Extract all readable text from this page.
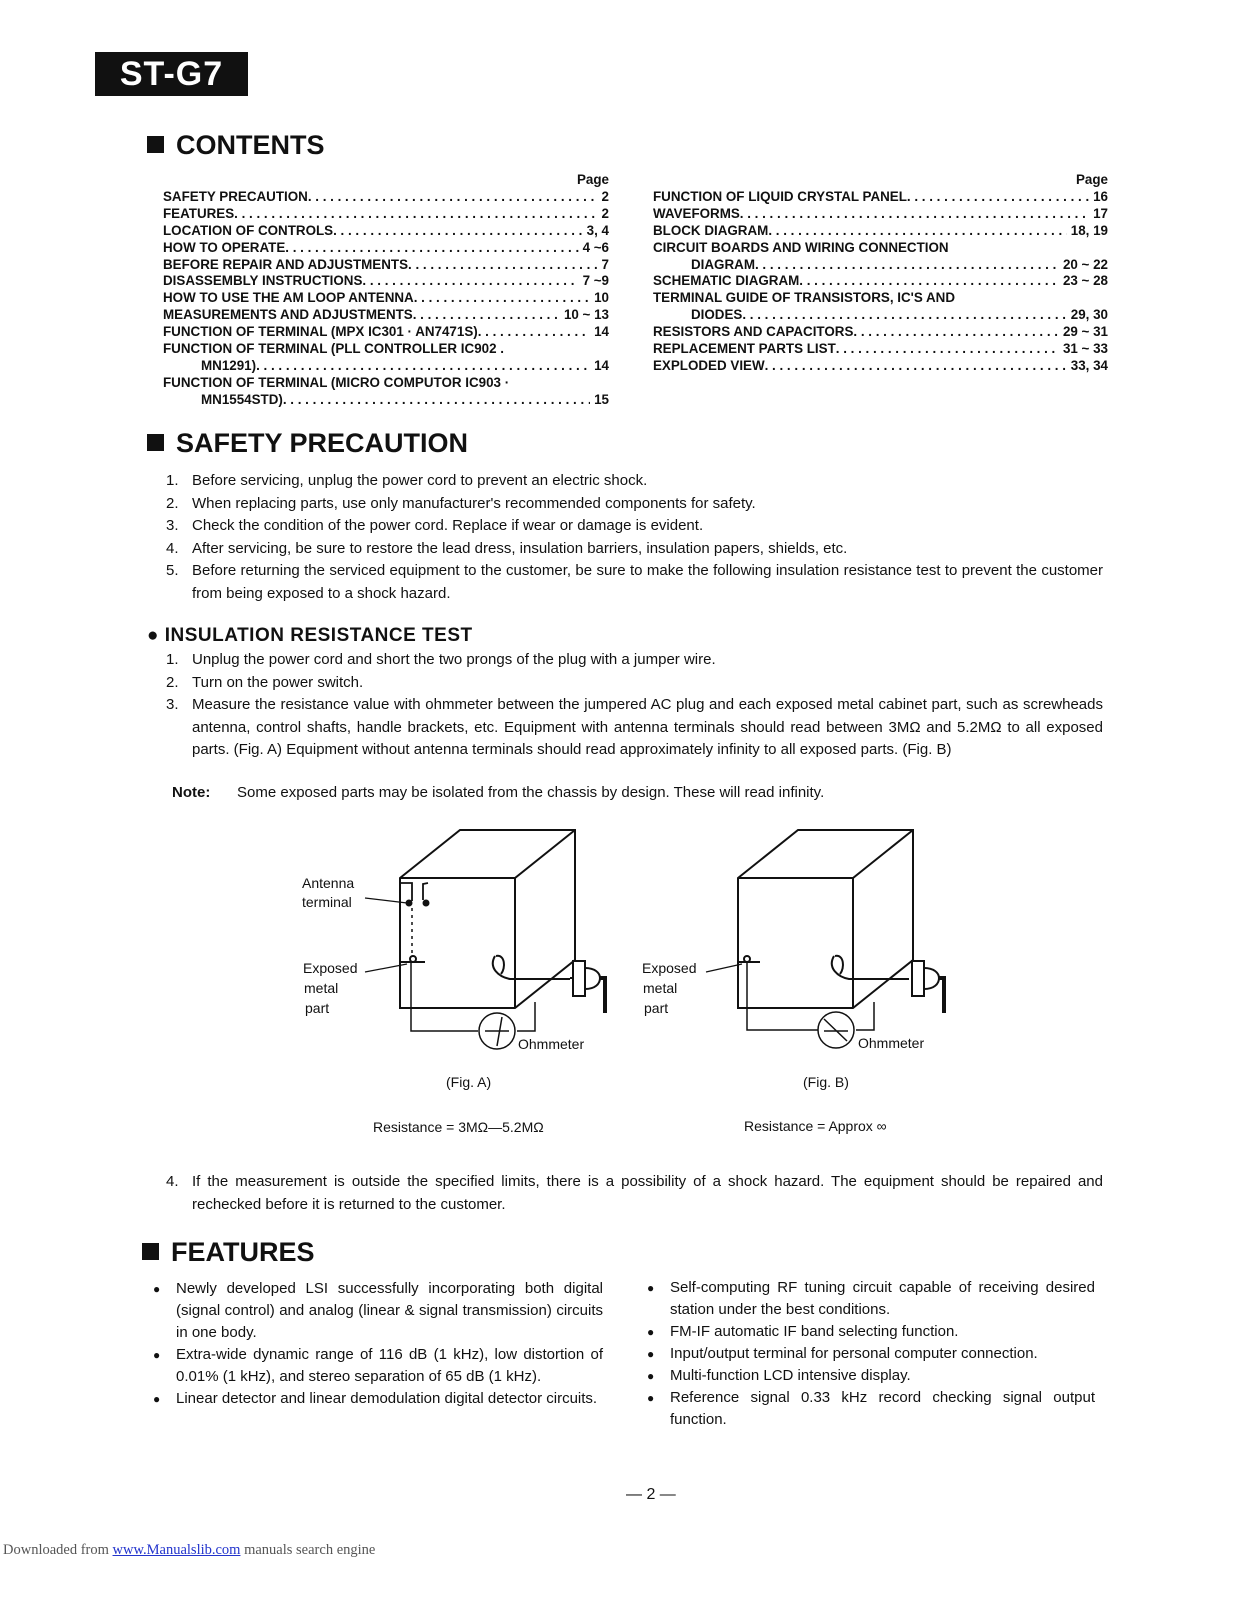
ST-G7
CONTENTS
Page
SAFETY PRECAUTION . . .	2
FEATURES . . .	2
LOCATION OF CONTROLS . . .	3, 4
HOW TO OPERATE . . .	4 ~6
BEFORE REPAIR AND ADJUSTMENTS . . .	7
DISASSEMBLY INSTRUCTIONS . . .	7 ~9
HOW TO USE THE AM LOOP ANTENNA . . .	10
MEASUREMENTS AND ADJUSTMENTS . . .	10 ~ 13
FUNCTION OF TERMINAL (MPX IC301 · AN7471S) . . .	14
FUNCTION OF TERMINAL (PLL CONTROLLER IC902 .
MN1291) . . .	14
FUNCTION OF TERMINAL (MICRO COMPUTOR IC903 ·
MN1554STD) . . .	15
Page
FUNCTION OF LIQUID CRYSTAL PANEL . . .	16
WAVEFORMS . . .	17
BLOCK DIAGRAM . . .	18, 19
CIRCUIT BOARDS AND WIRING CONNECTION
DIAGRAM . . .	20 ~ 22
SCHEMATIC DIAGRAM . . .	23 ~ 28
TERMINAL GUIDE OF TRANSISTORS, IC'S AND
DIODES . . .	29, 30
RESISTORS AND CAPACITORS . . .	29 ~ 31
REPLACEMENT PARTS LIST . . .	31 ~ 33
EXPLODED VIEW . . .	33, 34
SAFETY PRECAUTION
1. Before servicing, unplug the power cord to prevent an electric shock.
2. When replacing parts, use only manufacturer's recommended components for safety.
3. Check the condition of the power cord. Replace if wear or damage is evident.
4. After servicing, be sure to restore the lead dress, insulation barriers, insulation papers, shields, etc.
5. Before returning the serviced equipment to the customer, be sure to make the following insulation resistance test to prevent the customer from being exposed to a shock hazard.
● INSULATION RESISTANCE TEST
1. Unplug the power cord and short the two prongs of the plug with a jumper wire.
2. Turn on the power switch.
3. Measure the resistance value with ohmmeter between the jumpered AC plug and each exposed metal cabinet part, such as screwheads antenna, control shafts, handle brackets, etc. Equipment with antenna terminals should read between 3MΩ and 5.2MΩ to all exposed parts. (Fig. A) Equipment without antenna terminals should read approximately infinity to all exposed parts. (Fig. B)
Note: Some exposed parts may be isolated from the chassis by design. These will read infinity.
Antenna
terminal
Exposed
metal
part
Ohmmeter
(Fig. A)
Resistance = 3MΩ—5.2MΩ
Exposed
metal
part
Ohmmeter
(Fig. B)
Resistance = Approx ∞
4. If the measurement is outside the specified limits, there is a possibility of a shock hazard. The equipment should be repaired and rechecked before it is returned to the customer.
FEATURES
● Newly developed LSI successfully incorporating both digital (signal control) and analog (linear & signal transmission) circuits in one body.
● Extra-wide dynamic range of 116 dB (1 kHz), low distortion of 0.01% (1 kHz), and stereo separation of 65 dB (1 kHz).
● Linear detector and linear demodulation digital detector circuits.
● Self-computing RF tuning circuit capable of receiving desired station under the best conditions.
● FM-IF automatic IF band selecting function.
● Input/output terminal for personal computer connection.
● Multi-function LCD intensive display.
● Reference signal 0.33 kHz record checking signal output function.
— 2 —
Downloaded from www.Manualslib.com manuals search engine
